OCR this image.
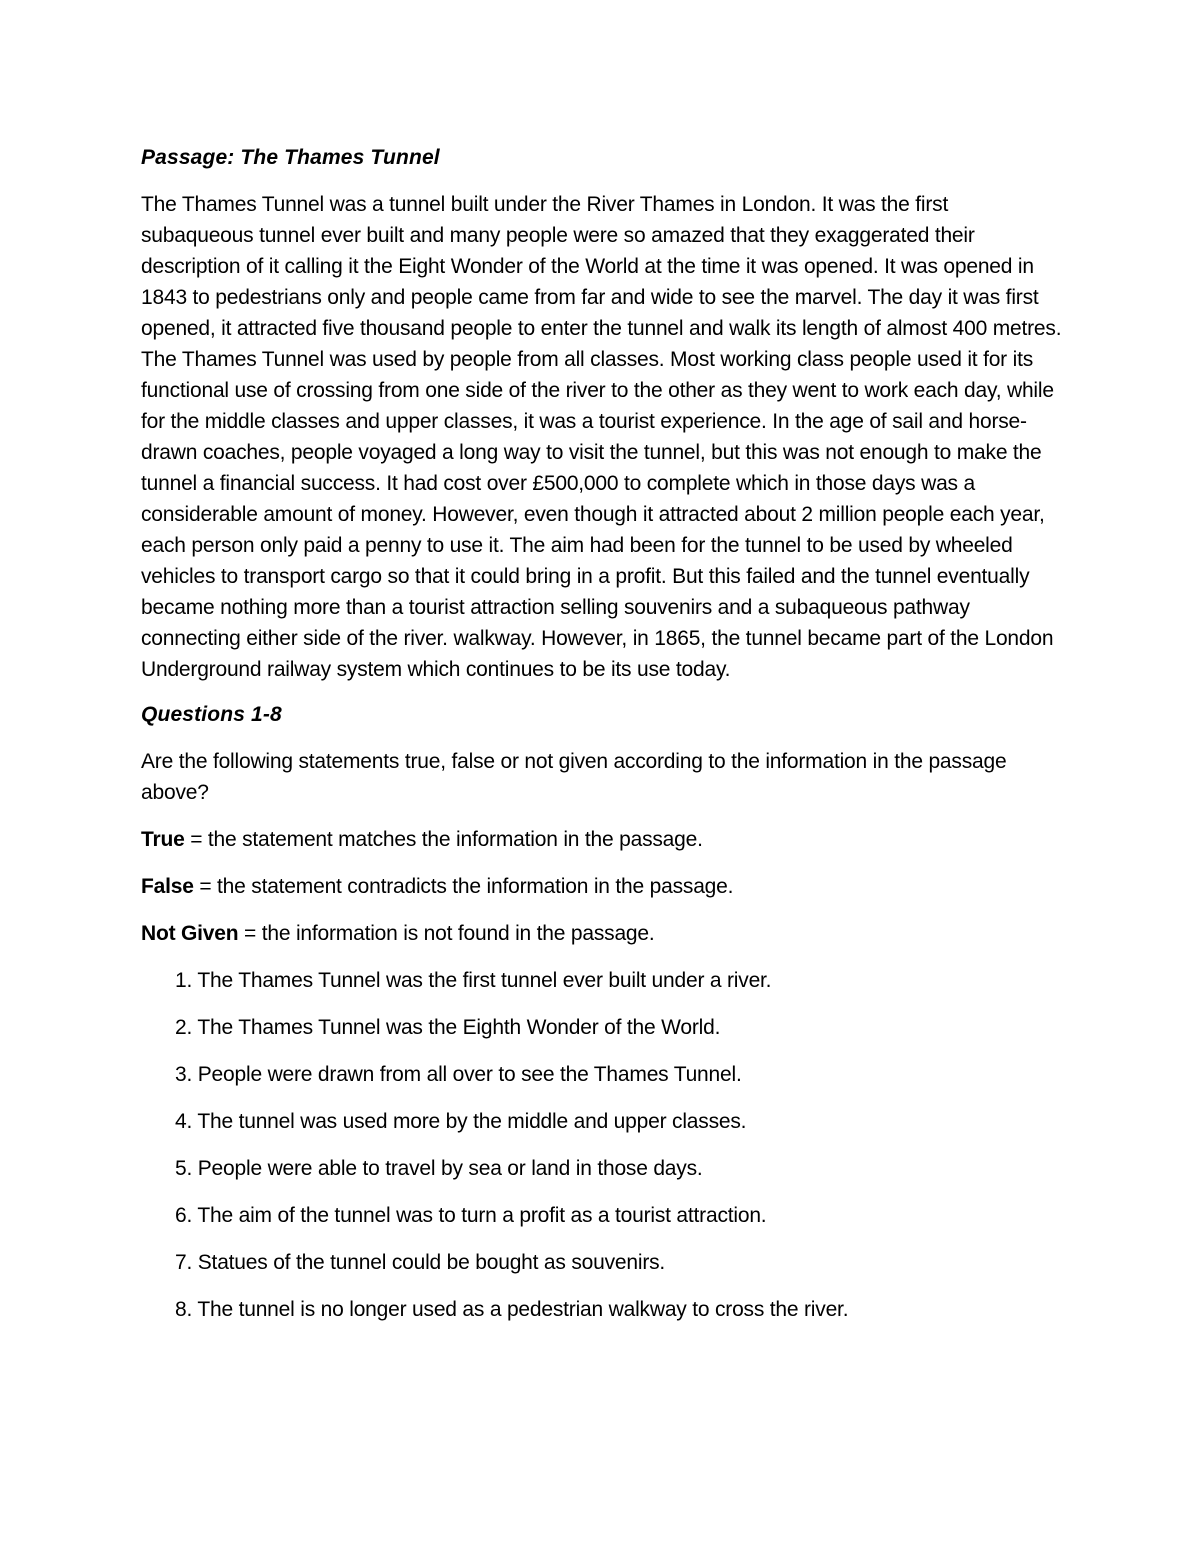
Passage: The Thames Tunnel

The Thames Tunnel was a tunnel built under the River Thames in London. It was the first subaqueous tunnel ever built and many people were so amazed that they exaggerated their description of it calling it the Eight Wonder of the World at the time it was opened. It was opened in 1843 to pedestrians only and people came from far and wide to see the marvel. The day it was first opened, it attracted five thousand people to enter the tunnel and walk its length of almost 400 metres. The Thames Tunnel was used by people from all classes. Most working class people used it for its functional use of crossing from one side of the river to the other as they went to work each day, while for the middle classes and upper classes, it was a tourist experience. In the age of sail and horse-drawn coaches, people voyaged a long way to visit the tunnel, but this was not enough to make the tunnel a financial success. It had cost over £500,000 to complete which in those days was a considerable amount of money. However, even though it attracted about 2 million people each year, each person only paid a penny to use it. The aim had been for the tunnel to be used by wheeled vehicles to transport cargo so that it could bring in a profit. But this failed and the tunnel eventually became nothing more than a tourist attraction selling souvenirs and a subaqueous pathway connecting either side of the river. walkway. However, in 1865, the tunnel became part of the London Underground railway system which continues to be its use today.

Questions 1-8

Are the following statements true, false or not given according to the information in the passage above?

True = the statement matches the information in the passage.

False = the statement contradicts the information in the passage.

Not Given = the information is not found in the passage.

1. The Thames Tunnel was the first tunnel ever built under a river.
2. The Thames Tunnel was the Eighth Wonder of the World.
3. People were drawn from all over to see the Thames Tunnel.
4. The tunnel was used more by the middle and upper classes.
5. People were able to travel by sea or land in those days.
6. The aim of the tunnel was to turn a profit as a tourist attraction.
7. Statues of the tunnel could be bought as souvenirs.
8. The tunnel is no longer used as a pedestrian walkway to cross the river.
